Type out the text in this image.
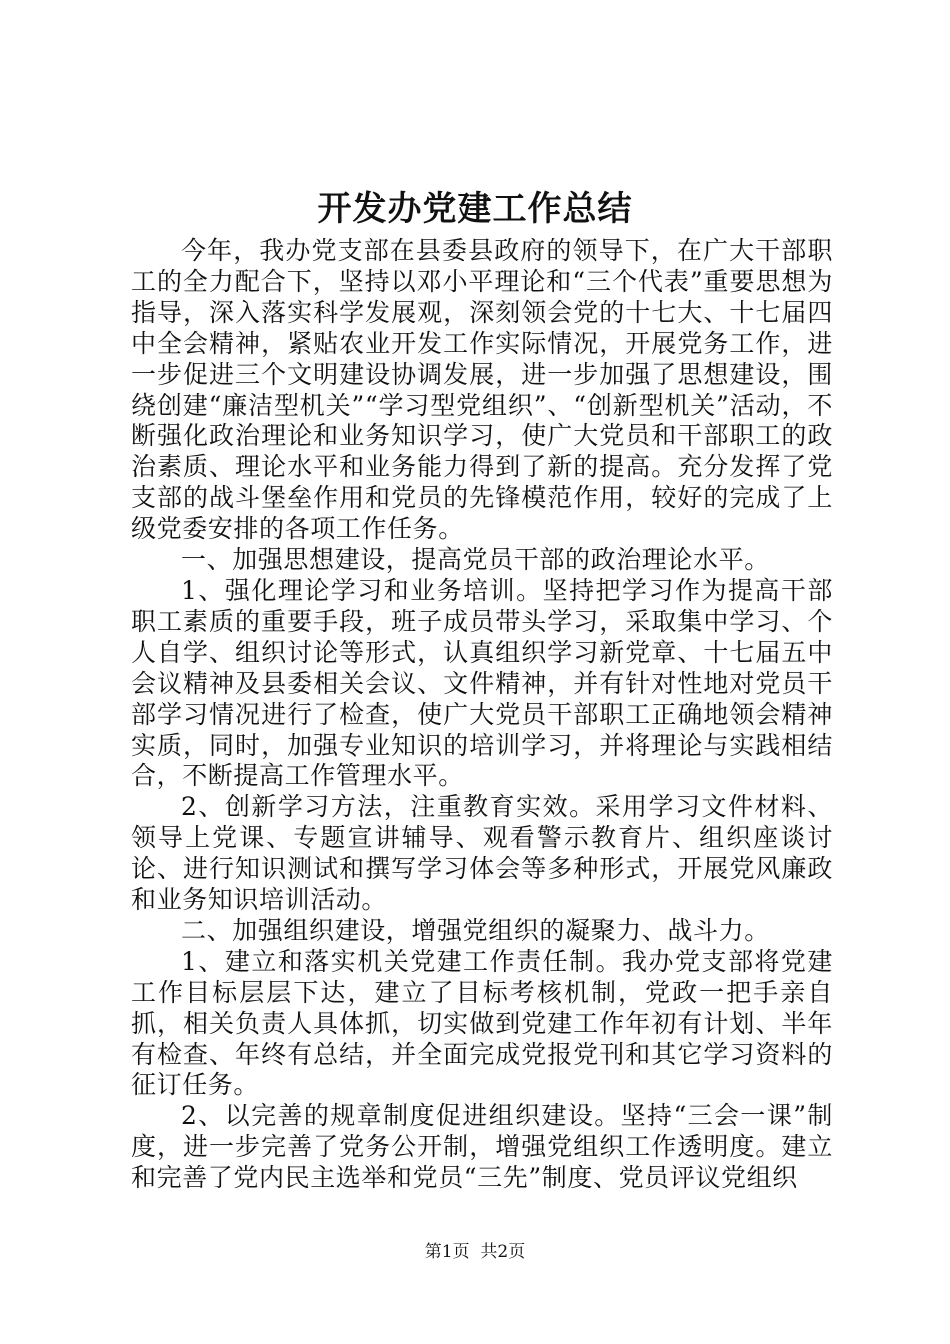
开发办党建工作总结

今年，我办党支部在县委县政府的领导下，在广大干部职工的全力配合下，坚持以邓小平理论和“三个代表”重要思想为指导，深入落实科学发展观，深刻领会党的十七大、十七届四中全会精神，紧贴农业开发工作实际情况，开展党务工作，进一步促进三个文明建设协调发展，进一步加强了思想建设，围绕创建“廉洁型机关”“学习型党组织”、“创新型机关”活动，不断强化政治理论和业务知识学习，使广大党员和干部职工的政治素质、理论水平和业务能力得到了新的提高。充分发挥了党支部的战斗堡垒作用和党员的先锋模范作用，较好的完成了上级党委安排的各项工作任务。

一、加强思想建设，提高党员干部的政治理论水平。

1、强化理论学习和业务培训。坚持把学习作为提高干部职工素质的重要手段，班子成员带头学习，采取集中学习、个人自学、组织讨论等形式，认真组织学习新党章、十七届五中会议精神及县委相关会议、文件精神，并有针对性地对党员干部学习情况进行了检查，使广大党员干部职工正确地领会精神实质，同时，加强专业知识的培训学习，并将理论与实践相结合，不断提高工作管理水平。

2、创新学习方法，注重教育实效。采用学习文件材料、领导上党课、专题宣讲辅导、观看警示教育片、组织座谈讨论、进行知识测试和撰写学习体会等多种形式，开展党风廉政和业务知识培训活动。

二、加强组织建设，增强党组织的凝聚力、战斗力。

1、建立和落实机关党建工作责任制。我办党支部将党建工作目标层层下达，建立了目标考核机制，党政一把手亲自抓，相关负责人具体抓，切实做到党建工作年初有计划、半年有检查、年终有总结，并全面完成党报党刊和其它学习资料的征订任务。

2、以完善的规章制度促进组织建设。坚持“三会一课”制度，进一步完善了党务公开制，增强党组织工作透明度。建立和完善了党内民主选举和党员“三先”制度、党员评议党组织

第1页 共2页
